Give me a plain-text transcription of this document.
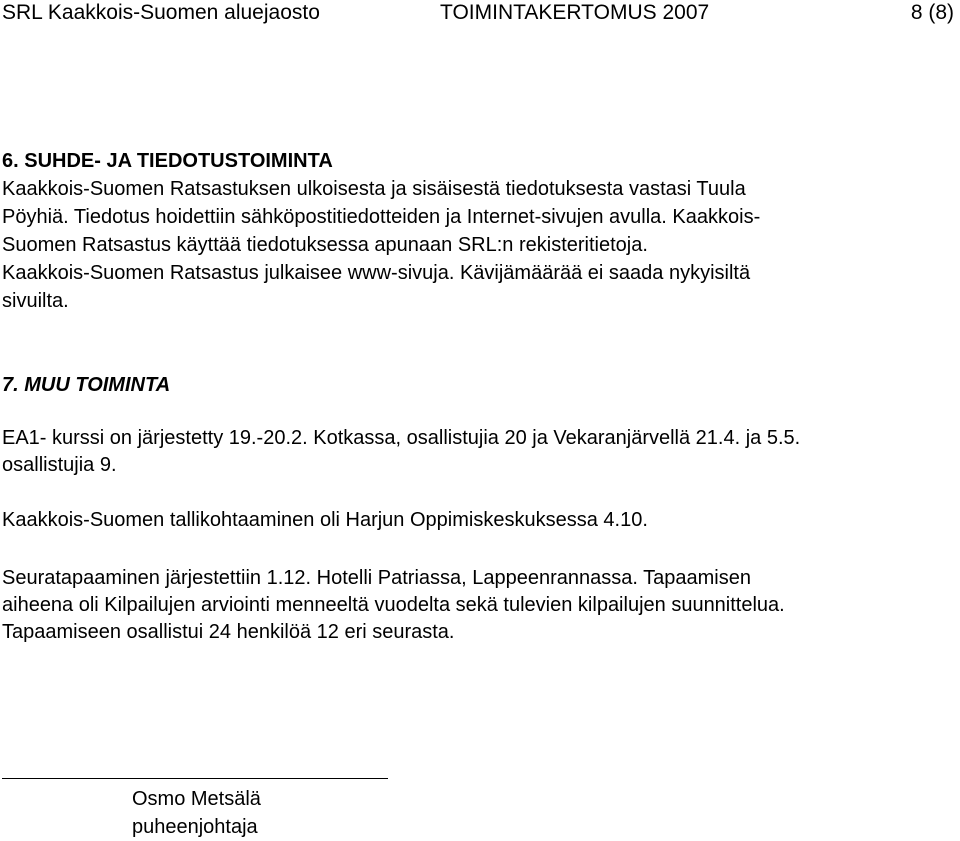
SRL Kaakkois-Suomen aluejaosto	TOIMINTAKERTOMUS 2007	8 (8)
6. SUHDE- JA TIEDOTUSTOIMINTA
Kaakkois-Suomen Ratsastuksen ulkoisesta ja sisäisestä tiedotuksesta vastasi Tuula
Pöyhiä. Tiedotus hoidettiin sähköpostitiedotteiden ja Internet-sivujen avulla. Kaakkois-
Suomen Ratsastus käyttää tiedotuksessa apunaan SRL:n rekisteritietoja.
Kaakkois-Suomen Ratsastus julkaisee www-sivuja. Kävijämäärää ei saada nykyisiltä
sivuilta.
7. MUU TOIMINTA
EA1- kurssi on järjestetty 19.-20.2. Kotkassa, osallistujia 20 ja Vekaranjärvellä 21.4. ja 5.5.
osallistujia 9.
Kaakkois-Suomen tallikohtaaminen oli Harjun Oppimiskeskuksessa 4.10.
Seuratapaaminen järjestettiin 1.12. Hotelli Patriassa, Lappeenrannassa. Tapaamisen
aiheena oli Kilpailujen arviointi menneeltä vuodelta sekä tulevien kilpailujen suunnittelua.
Tapaamiseen osallistui 24 henkilöä 12 eri seurasta.
Osmo Metsälä
puheenjohtaja
